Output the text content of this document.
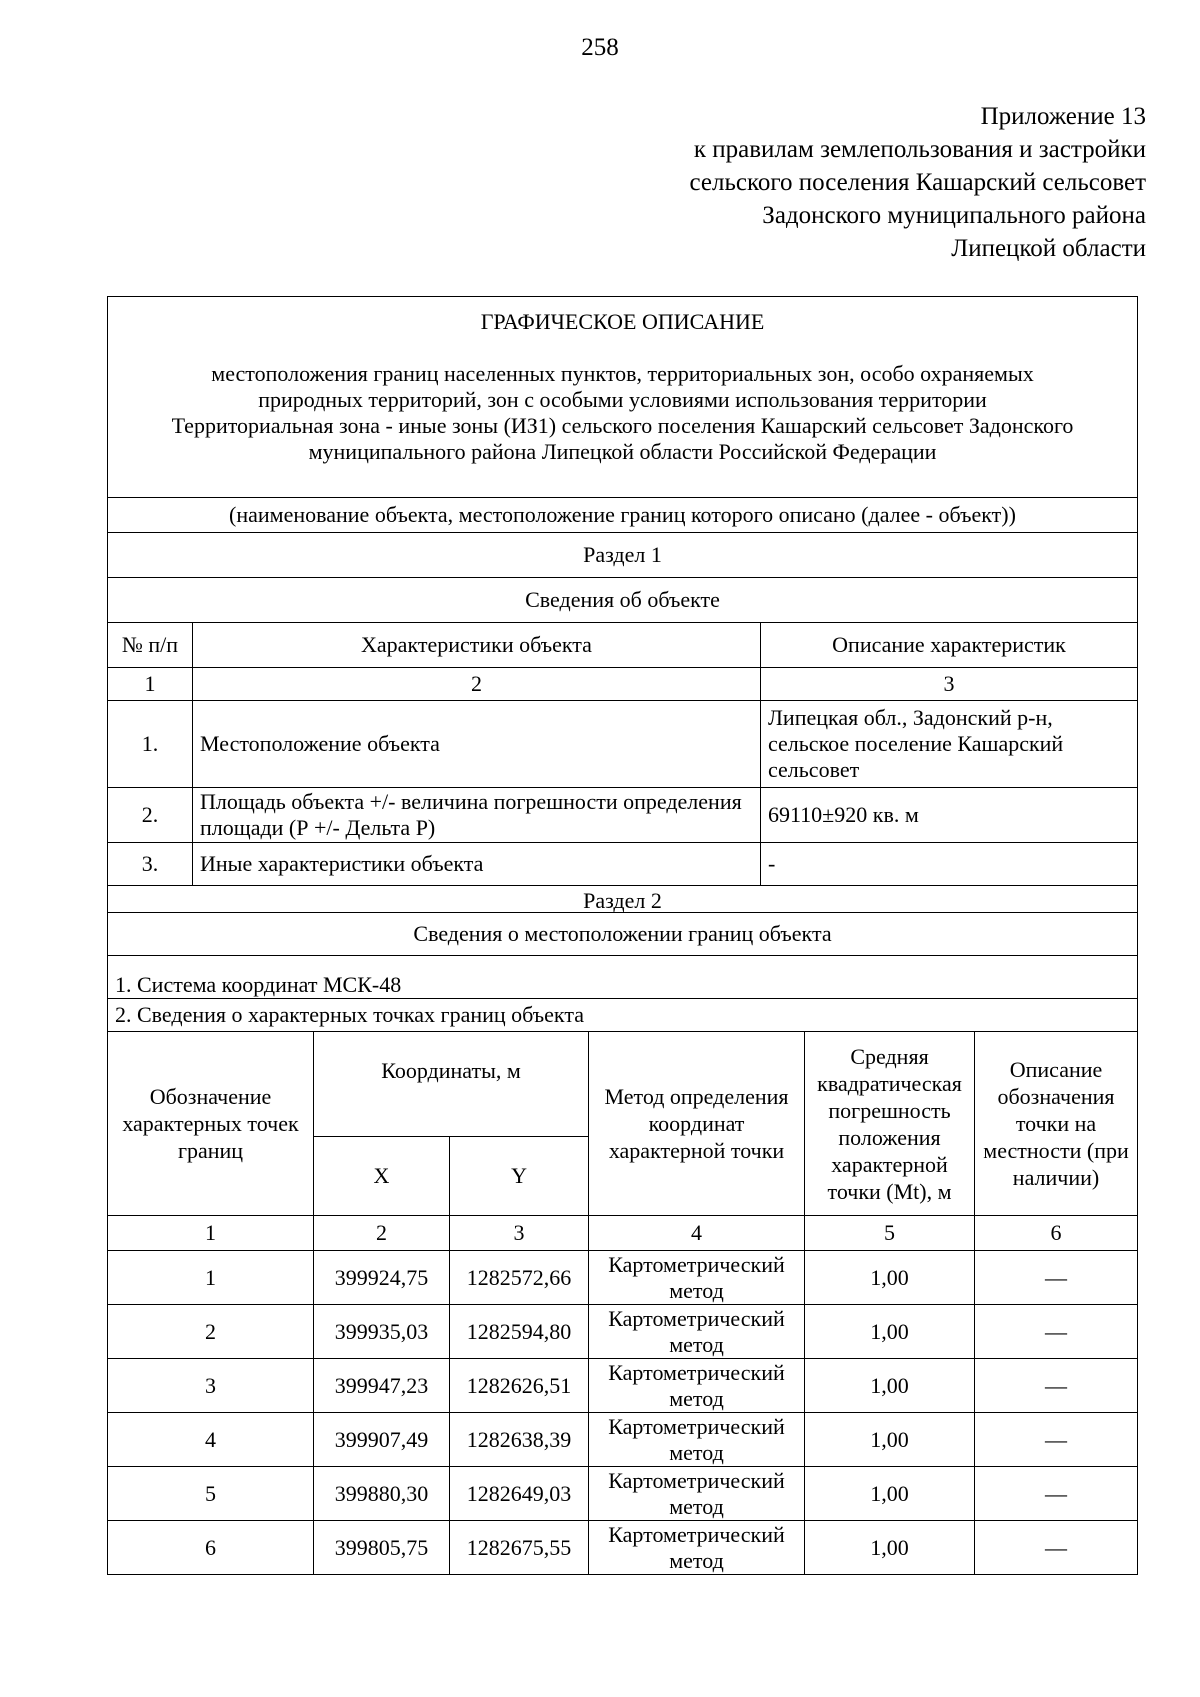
258
Приложение 13
к правилам землепользования и застройки
сельского поселения Кашарский сельсовет
Задонского муниципального района
Липецкой области
ГРАФИЧЕСКОЕ ОПИСАНИЕ
местоположения границ населенных пунктов, территориальных зон, особо охраняемых
природных территорий, зон с особыми условиями использования территории
Территориальная зона - иные зоны (ИЗ1) сельского поселения Кашарский сельсовет Задонского
муниципального района Липецкой области Российской Федерации		

(наименование объекта, местоположение границ которого описано (далее - объект))		
Раздел 1		
Сведения об объекте		
№ п/п	Характеристики объекта	Описание характеристик
1	2	3
1.	Местоположение объекта	Липецкая обл., Задонский р-н, сельское поселение Кашарский сельсовет
2.	Площадь объекта +/- величина погрешности определения площади (Р +/- Дельта Р)	69110±920 кв. м
3.	Иные характеристики объекта	-
Раздел 2		
Сведения о местоположении границ объекта		
1. Система координат МСК-48		
2. Сведения о характерных точках границ объекта		
Обозначение характерных точек границ	Координаты, м		Метод определения координат характерной точки	Средняя квадратическая погрешность положения характерной точки (Mt), м	Описание обозначения точки на местности (при наличии)
	X	Y			
1	2	3	4	5	6
1	399924,75	1282572,66	Картометрический метод	1,00	—
2	399935,03	1282594,80	Картометрический метод	1,00	—
3	399947,23	1282626,51	Картометрический метод	1,00	—
4	399907,49	1282638,39	Картометрический метод	1,00	—
5	399880,30	1282649,03	Картометрический метод	1,00	—
6	399805,75	1282675,55	Картометрический метод	1,00	—
